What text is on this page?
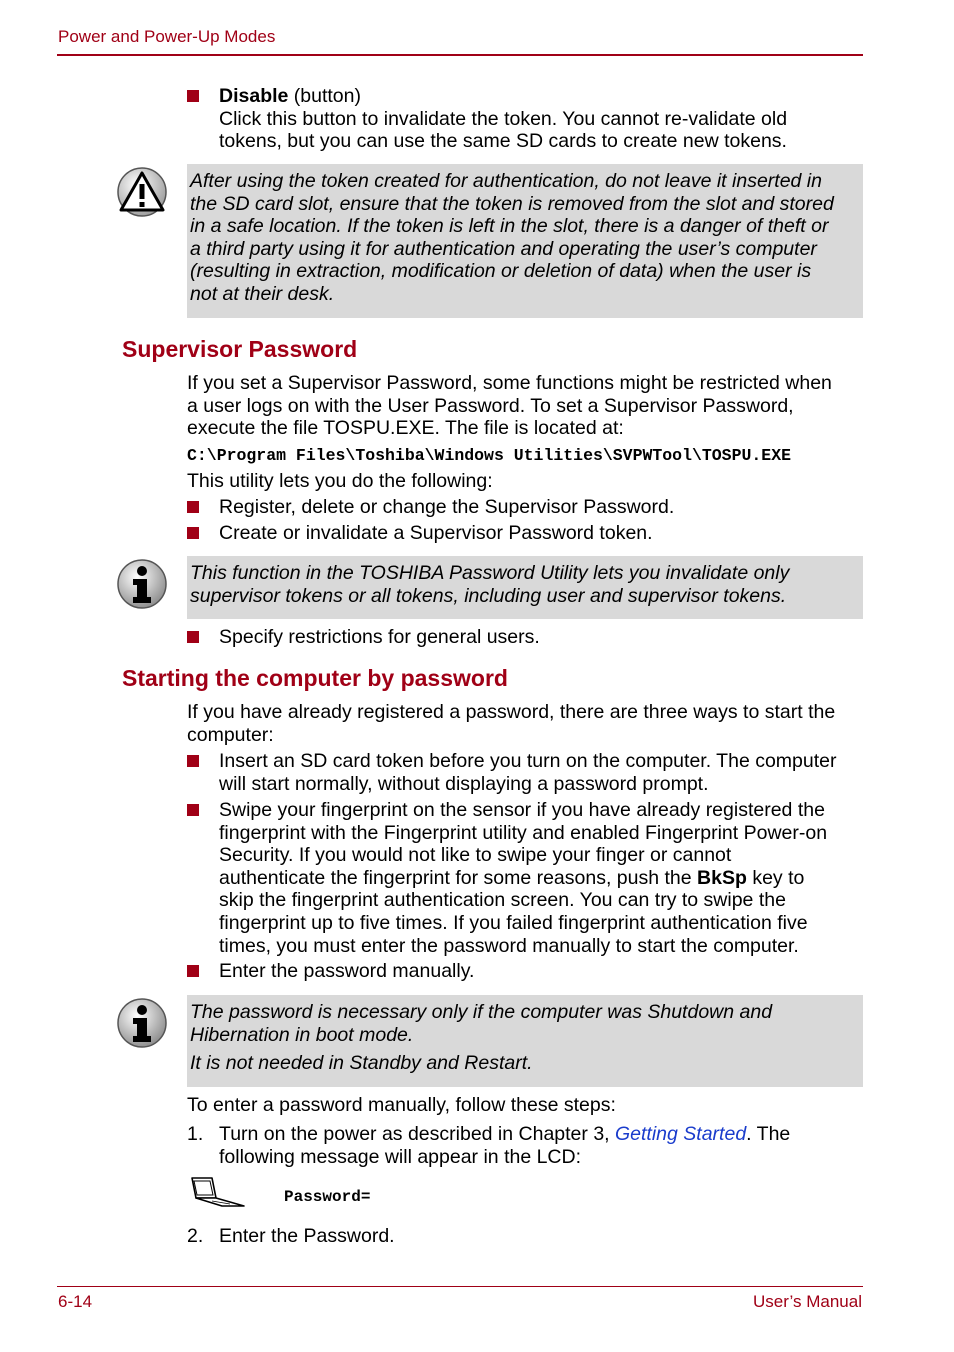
Power and Power-Up Modes
Disable (button)
Click this button to invalidate the token. You cannot re-validate old
tokens, but you can use the same SD cards to create new tokens.
After using the token created for authentication, do not leave it inserted in
the SD card slot, ensure that the token is removed from the slot and stored
in a safe location. If the token is left in the slot, there is a danger of theft or
a third party using it for authentication and operating the user’s computer
(resulting in extraction, modification or deletion of data) when the user is
not at their desk.
Supervisor Password
If you set a Supervisor Password, some functions might be restricted when
a user logs on with the User Password. To set a Supervisor Password,
execute the file TOSPU.EXE. The file is located at:
C:\Program Files\Toshiba\Windows Utilities\SVPWTool\TOSPU.EXE
This utility lets you do the following:
Register, delete or change the Supervisor Password.
Create or invalidate a Supervisor Password token.
This function in the TOSHIBA Password Utility lets you invalidate only
supervisor tokens or all tokens, including user and supervisor tokens.
Specify restrictions for general users.
Starting the computer by password
If you have already registered a password, there are three ways to start the
computer:
Insert an SD card token before you turn on the computer. The computer
will start normally, without displaying a password prompt.
Swipe your fingerprint on the sensor if you have already registered the
fingerprint with the Fingerprint utility and enabled Fingerprint Power-on
Security. If you would not like to swipe your finger or cannot
authenticate the fingerprint for some reasons, push the BkSp key to
skip the fingerprint authentication screen. You can try to swipe the
fingerprint up to five times. If you failed fingerprint authentication five
times, you must enter the password manually to start the computer.
Enter the password manually.
The password is necessary only if the computer was Shutdown and
Hibernation in boot mode.
It is not needed in Standby and Restart.
To enter a password manually, follow these steps:
1. Turn on the power as described in Chapter 3, Getting Started. The
following message will appear in the LCD:
Password=
2. Enter the Password.
6-14	User’s Manual
